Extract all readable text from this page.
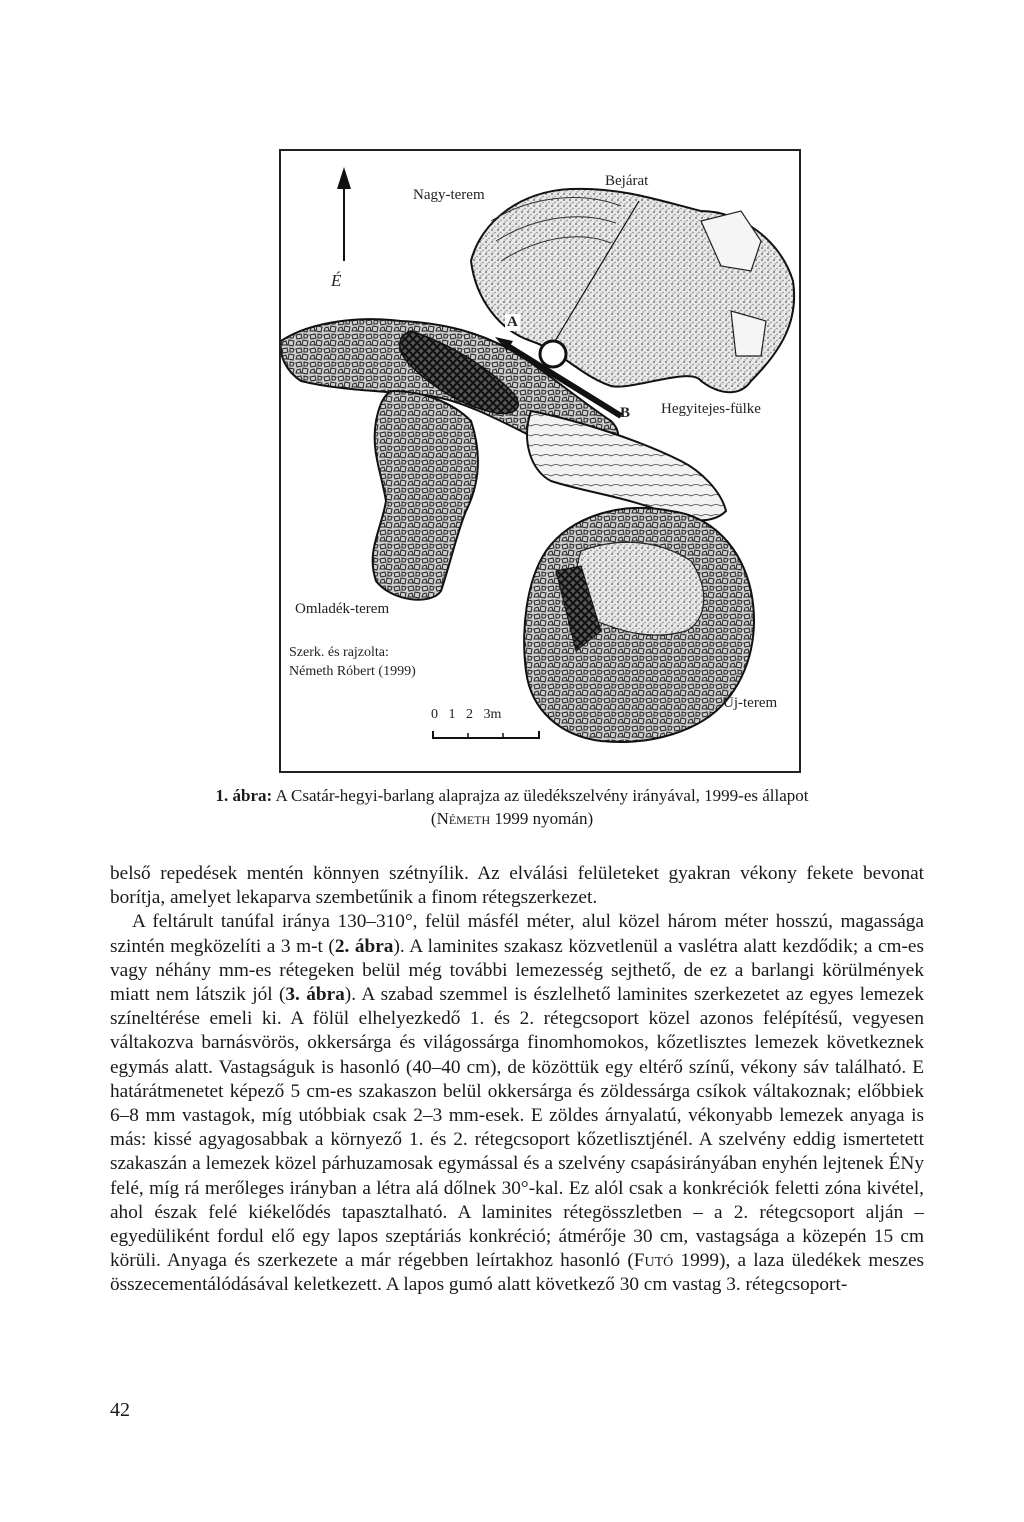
É
Nagy-terem
Bejárat
A
B Hegyitejes-fülke
Omladék-terem
Szerk. és rajzolta:
Németh Róbert (1999)
0   1   2   3m
Új-terem
1. ábra: A Csatár-hegyi-barlang alaprajza az üledékszelvény irányával, 1999-es állapot
(Németh 1999 nyomán)

belső repedések mentén könnyen szétnyílik. Az elválási felületeket gyakran vékony fekete bevonat borítja, amelyet lekaparva szembetűnik a finom rétegszerkezet.

A feltárult tanúfal iránya 130–310°, felül másfél méter, alul közel három méter hosszú, magassága szintén megközelíti a 3 m-t (2. ábra). A laminites szakasz közvetlenül a vaslétra alatt kezdődik; a cm-es vagy néhány mm-es rétegeken belül még további lemezesség sejthető, de ez a barlangi körülmények miatt nem látszik jól (3. ábra). A szabad szemmel is észlelhető laminites szerkezetet az egyes lemezek színeltérése emeli ki. A fölül elhelyezkedő 1. és 2. rétegcsoport közel azonos felépítésű, vegyesen váltakozva barnásvörös, okkersárga és világossárga finomhomokos, kőzetlisztes lemezek következnek egymás alatt. Vastagságuk is hasonló (40–40 cm), de közöttük egy eltérő színű, vékony sáv található. E határátmenetet képező 5 cm-es szakaszon belül okkersárga és zöldessárga csíkok váltakoznak; előbbiek 6–8 mm vastagok, míg utóbbiak csak 2–3 mm-esek. E zöldes árnyalatú, vékonyabb lemezek anyaga is más: kissé agyagosabbak a környező 1. és 2. rétegcsoport kőzetlisztjénél. A szelvény eddig ismertetett szakaszán a lemezek közel párhuzamosak egymással és a szelvény csapásirányában enyhén lejtenek ÉNy felé, míg rá merőleges irányban a létra alá dőlnek 30°-kal. Ez alól csak a konkréciók feletti zóna kivétel, ahol észak felé kiékelődés tapasztalható. A laminites rétegösszletben – a 2. rétegcsoport alján – egyedüliként fordul elő egy lapos szeptáriás konkréció; átmérője 30 cm, vastagsága a közepén 15 cm körüli. Anyaga és szerkezete a már régebben leírtakhoz hasonló (Futó 1999), a laza üledékek meszes összecementálódásával keletkezett. A lapos gumó alatt következő 30 cm vastag 3. rétegcsoport-

42
